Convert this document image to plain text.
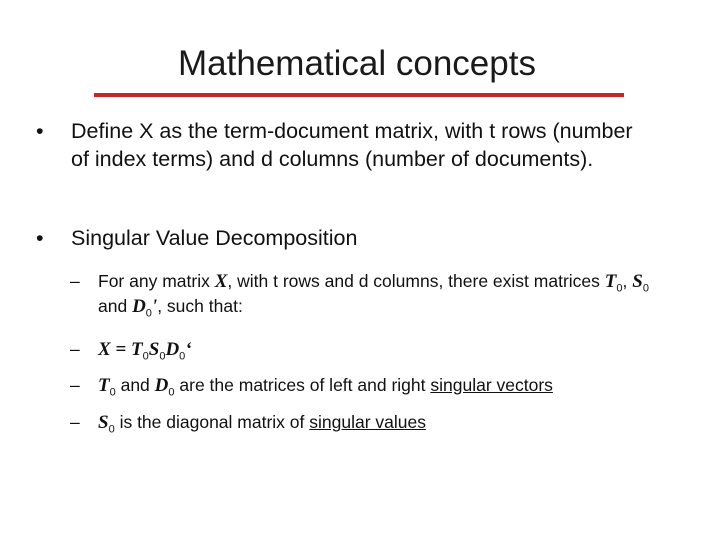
Mathematical concepts
• Define X as the term-document matrix, with t rows (number of index terms) and d columns (number of documents).
• Singular Value Decomposition
– For any matrix X, with t rows and d columns, there exist matrices $T_0$, $S_0$ and $D_0'$, such that:
– $X = T_0S_0D_0‘$
– $T_0$ and $D_0$ are the matrices of left and right singular vectors
– $S_0$ is the diagonal matrix of singular values
